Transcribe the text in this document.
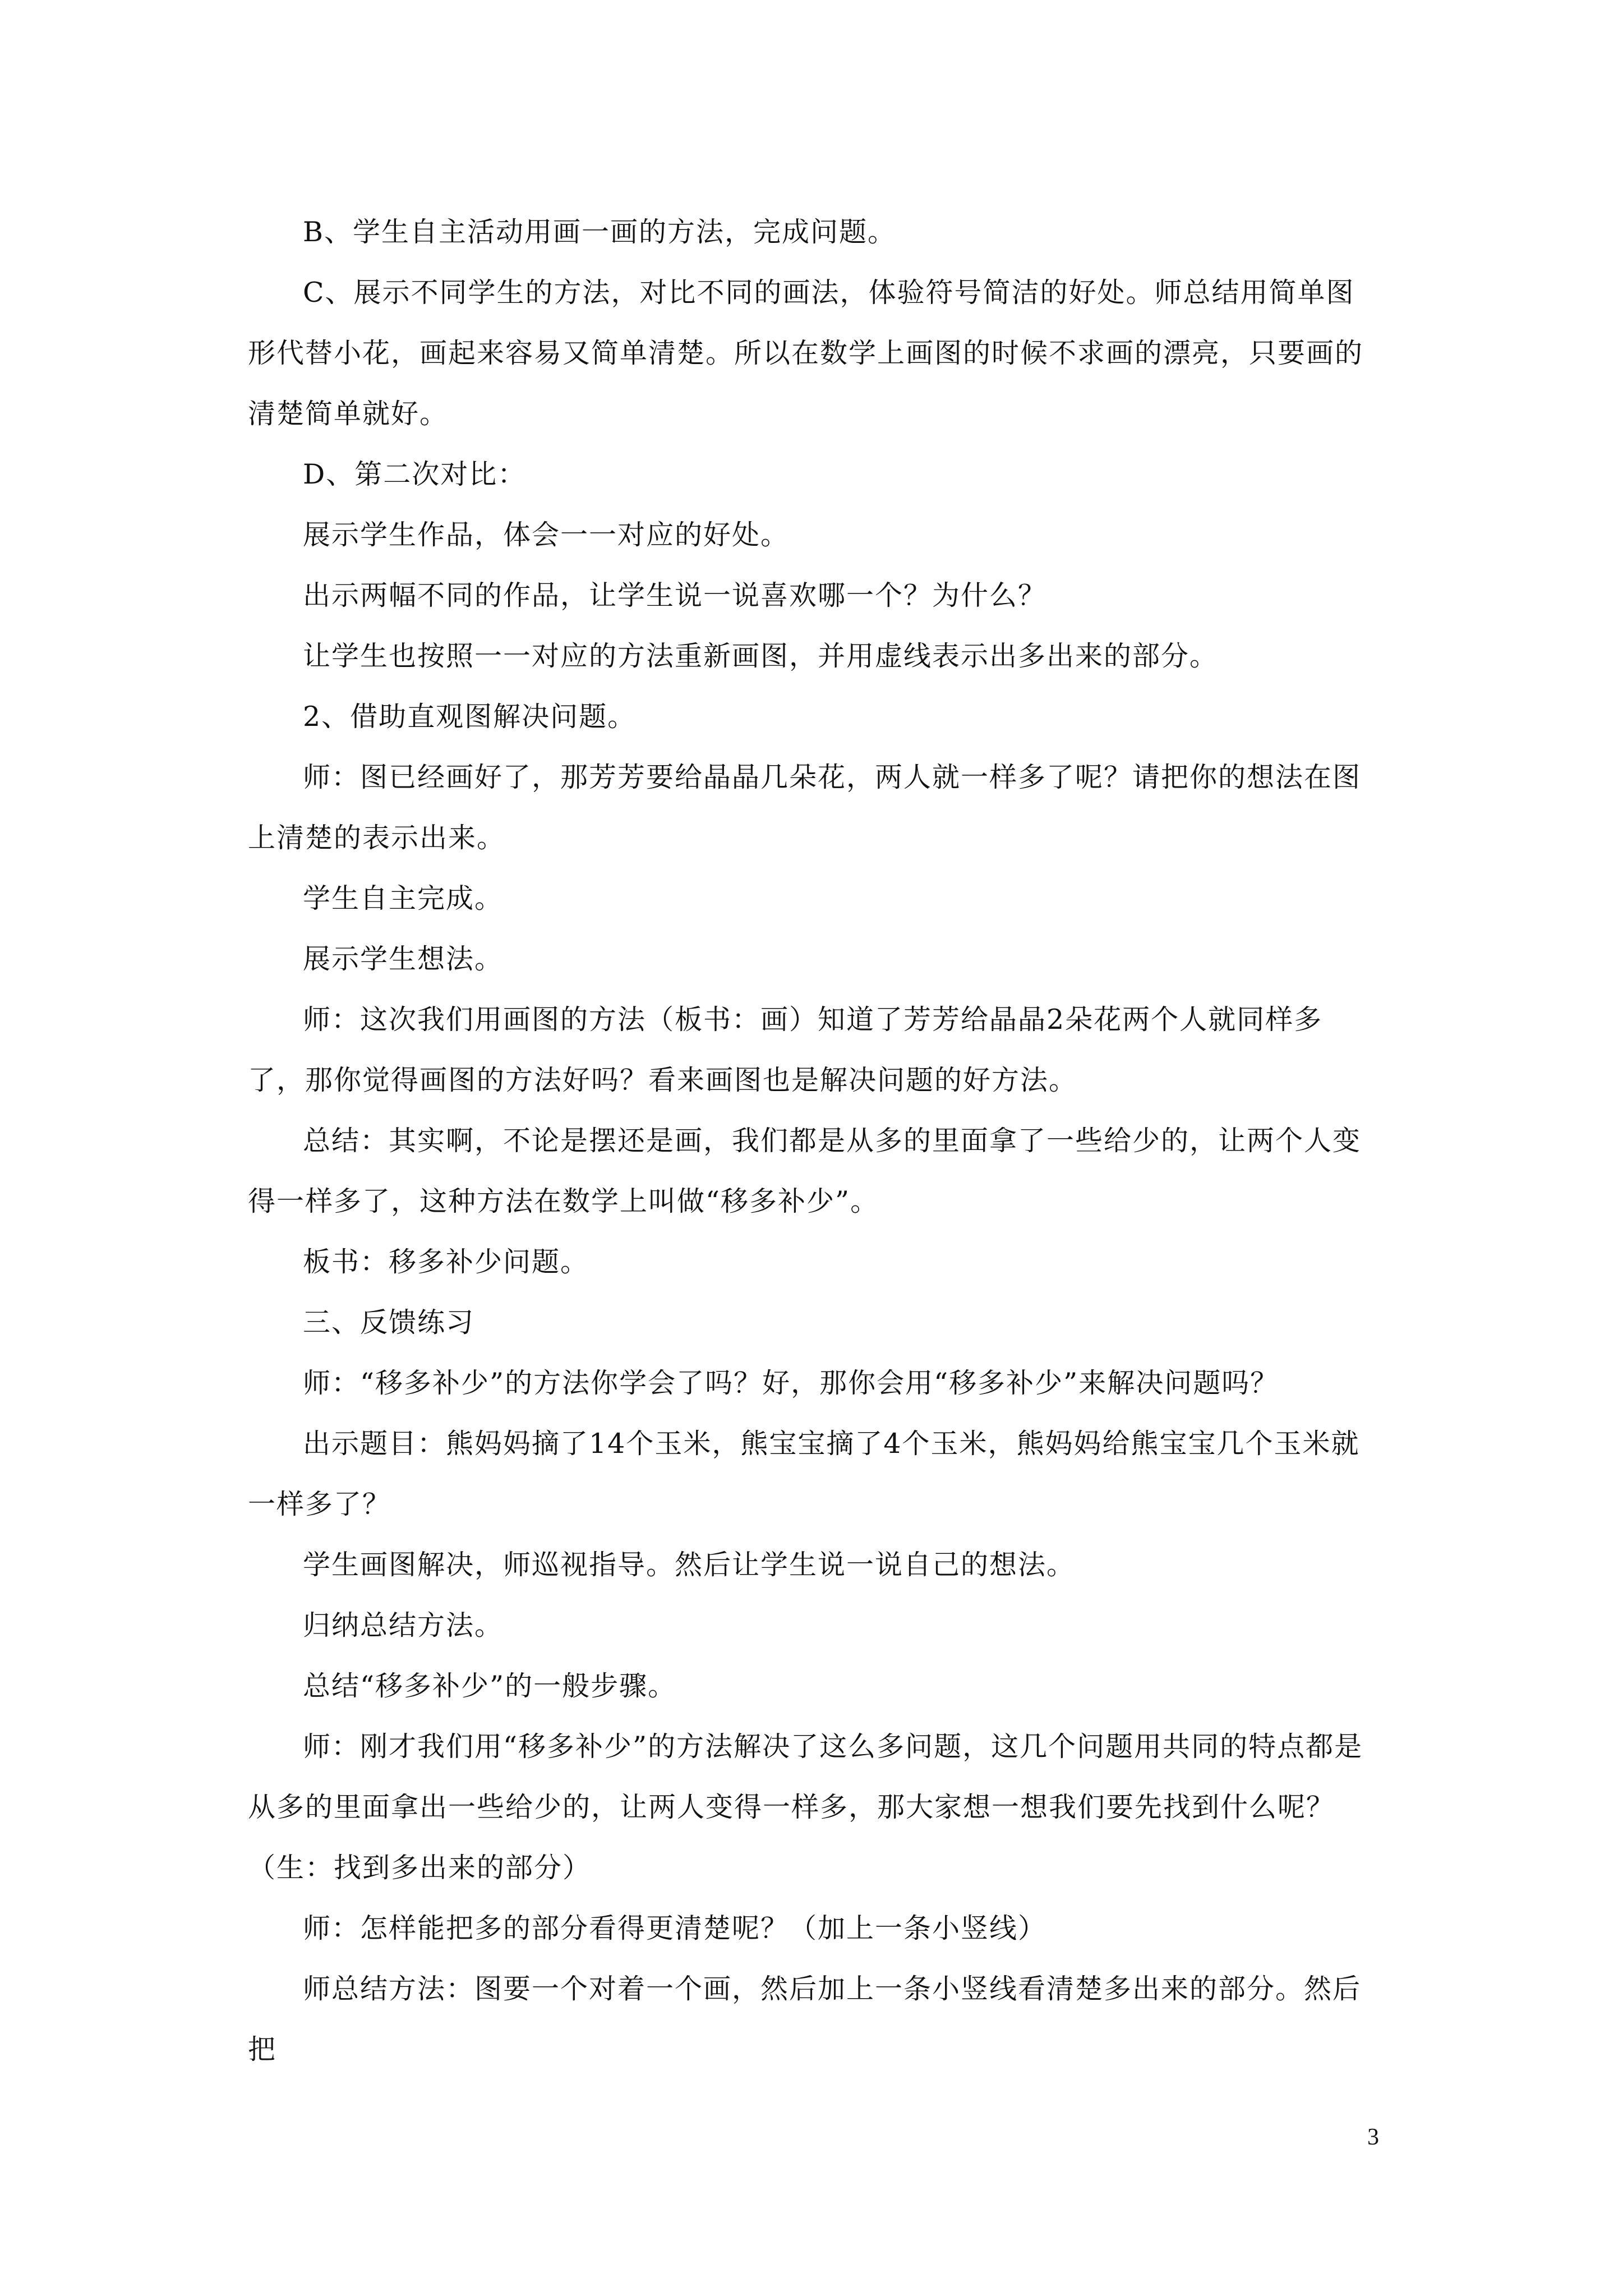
B、学生自主活动用画一画的方法，完成问题。

C、展示不同学生的方法，对比不同的画法，体验符号简洁的好处。师总结用简单图形代替小花，画起来容易又简单清楚。所以在数学上画图的时候不求画的漂亮，只要画的清楚简单就好。

D、第二次对比：

展示学生作品，体会一一对应的好处。

出示两幅不同的作品，让学生说一说喜欢哪一个？为什么？

让学生也按照一一对应的方法重新画图，并用虚线表示出多出来的部分。

2、借助直观图解决问题。

师：图已经画好了，那芳芳要给晶晶几朵花，两人就一样多了呢？请把你的想法在图上清楚的表示出来。

学生自主完成。

展示学生想法。

师：这次我们用画图的方法（板书：画）知道了芳芳给晶晶2朵花两个人就同样多了，那你觉得画图的方法好吗？看来画图也是解决问题的好方法。

总结：其实啊，不论是摆还是画，我们都是从多的里面拿了一些给少的，让两个人变得一样多了，这种方法在数学上叫做“移多补少”。

板书：移多补少问题。

三、反馈练习

师：“移多补少”的方法你学会了吗？好，那你会用“移多补少”来解决问题吗？

出示题目：熊妈妈摘了14个玉米，熊宝宝摘了4个玉米，熊妈妈给熊宝宝几个玉米就一样多了？

学生画图解决，师巡视指导。然后让学生说一说自己的想法。

归纳总结方法。

总结“移多补少”的一般步骤。

师：刚才我们用“移多补少”的方法解决了这么多问题，这几个问题用共同的特点都是从多的里面拿出一些给少的，让两人变得一样多，那大家想一想我们要先找到什么呢？（生：找到多出来的部分）

师：怎样能把多的部分看得更清楚呢？（加上一条小竖线）

师总结方法：图要一个对着一个画，然后加上一条小竖线看清楚多出来的部分。然后把

3
